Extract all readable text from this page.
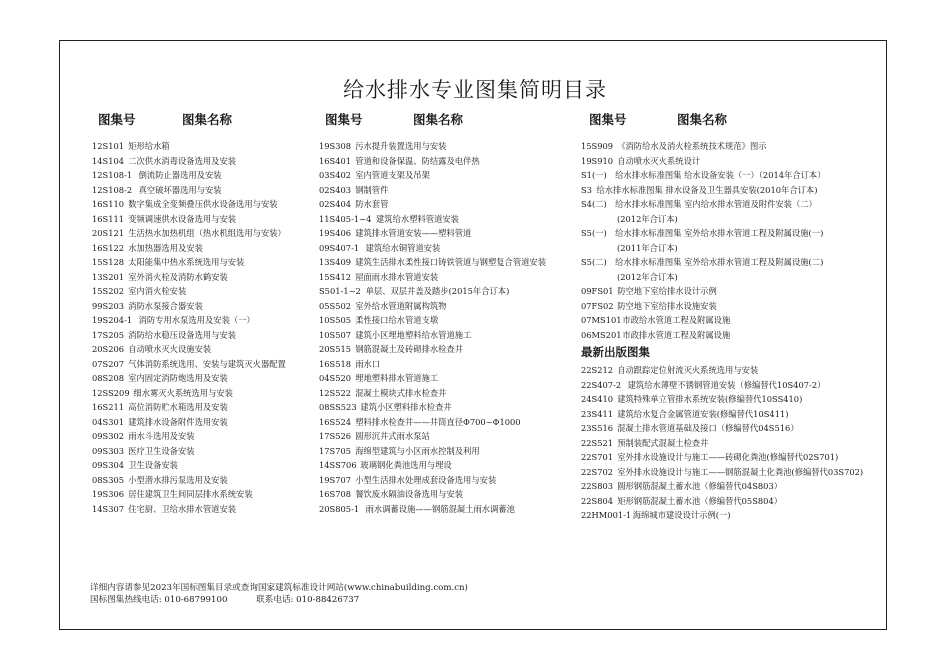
给水排水专业图集简明目录
图集号	图集名称
12S101 矩形给水箱
14S104 二次供水消毒设备选用及安装
12S108-1 倒流防止器选用及安装
12S108-2 真空破坏器选用与安装
16S110 数字集成全变频叠压供水设备选用与安装
16S111 变频调速供水设备选用与安装
20S121 生活热水加热机组（热水机组选用与安装）
16S122 水加热器选用及安装
15S128 太阳能集中热水系统选用与安装
13S201 室外消火栓及消防水鹤安装
15S202 室内消火栓安装
99S203 消防水泵接合器安装
19S204-1 消防专用水泵选用及安装（一）
17S205 消防给水稳压设备选用与安装
20S206 自动喷水灭火设施安装
07S207 气体消防系统选用、安装与建筑灭火器配置
08S208 室内固定消防炮选用及安装
12SS209 细水雾灭火系统选用与安装
16S211 高位消防贮水箱选用及安装
04S301 建筑排水设备附件选用安装
09S302 雨水斗选用及安装
09S303 医疗卫生设备安装
09S304 卫生设备安装
08S305 小型潜水排污泵选用及安装
19S306 居住建筑卫生间同层排水系统安装
14S307 住宅厨、卫给水排水管道安装
图集号	图集名称
19S308 污水提升装置选用与安装
16S401 管道和设备保温、防结露及电伴热
03S402 室内管道支架及吊架
02S403 钢制管件
02S404 防水套管
11S405-1~4 建筑给水塑料管道安装
19S406 建筑排水管道安装——塑料管道
09S407-1 建筑给水铜管道安装
13S409 建筑生活排水柔性接口铸铁管道与钢塑复合管道安装
15S412 屋面雨水排水管道安装
S501-1~2 单层、双层井盖及踏步(2015年合订本)
05S502 室外给水管道附属构筑物
10S505 柔性接口给水管道支墩
10S507 建筑小区埋地塑料给水管道施工
20S515 钢筋混凝土及砖砌排水检查井
16S518 雨水口
04S520 埋地塑料排水管道施工
12S522 混凝土模块式排水检查井
08SS523 建筑小区塑料排水检查井
16S524 塑料排水检查井——井筒直径Φ700~Φ1000
17S526 圆形沉井式雨水泵站
17S705 海绵型建筑与小区雨水控制及利用
14SS706 玻璃钢化粪池选用与埋设
19S707 小型生活排水处理成套设备选用与安装
16S708 餐饮废水隔油设备选用与安装
20S805-1 雨水调蓄设施——钢筋混凝土雨水调蓄池
图集号	图集名称
15S909 《消防给水及消火栓系统技术规范》图示
19S910 自动喷水灭火系统设计
S1(一) 给水排水标准图集 给水设备安装（一）（2014年合订本）
S3 给水排水标准图集 排水设备及卫生器具安装(2010年合订本)
S4(二) 给水排水标准图集 室内给水排水管道及附件安装（二）
(2012年合订本)
S5(一) 给水排水标准图集 室外给水排水管道工程及附属设施(一)
(2011年合订本)
S5(二) 给水排水标准图集 室外给水排水管道工程及附属设施(二)
(2012年合订本)
09FS01 防空地下室给排水设计示例
07FS02 防空地下室给排水设施安装
07MS101 市政给水管道工程及附属设施
06MS201 市政排水管道工程及附属设施
最新出版图集
22S212 自动跟踪定位射流灭火系统选用与安装
22S407-2 建筑给水薄壁不锈钢管道安装（修编替代10S407-2）
24S410 建筑特殊单立管排水系统安装(修编替代10SS410)
23S411 建筑给水复合金属管道安装(修编替代10S411)
23S516 混凝土排水管道基础及接口（修编替代04S516）
22S521 预制装配式混凝土检查井
22S701 室外排水设施设计与施工——砖砌化粪池(修编替代02S701)
22S702 室外排水设施设计与施工——钢筋混凝土化粪池(修编替代03S702)
22S803 圆形钢筋混凝土蓄水池（修编替代04S803）
22S804 矩形钢筋混凝土蓄水池（修编替代05S804）
22HM001-1 海绵城市建设设计示例(一)
详细内容请参见2023年国标图集目录或查询国家建筑标准设计网站(www.chinabuilding.com.cn)
国标图集热线电话: 010-68799100	联系电话: 010-88426737
